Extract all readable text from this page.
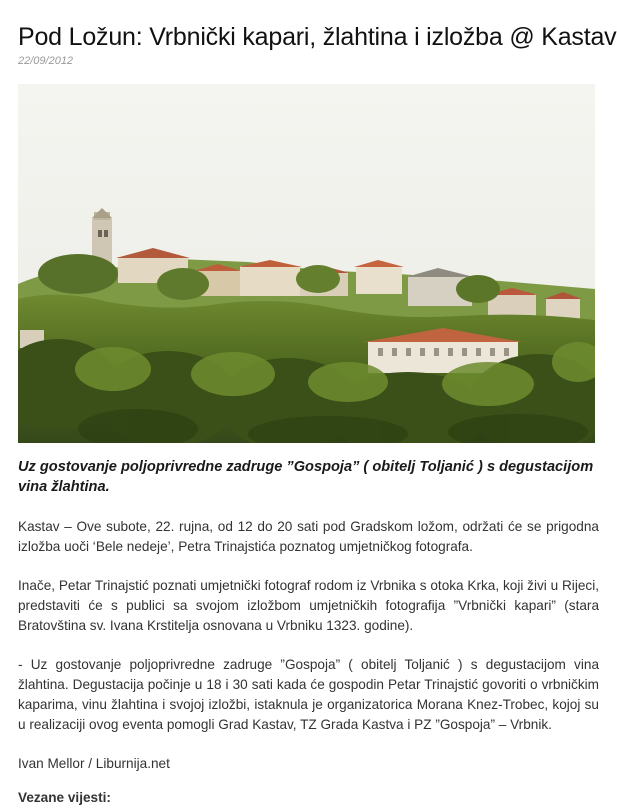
Pod Ložun: Vrbnički kapari, žlahtina i izložba @ Kastav
22/09/2012

Uz gostovanje poljoprivredne zadruge ”Gospoja” ( obitelj Toljanić ) s degustacijom vina žlahtina.

Kastav – Ove subote, 22. rujna, od 12 do 20 sati pod Gradskom ložom, održati će se prigodna izložba uoči ‘Bele nedeje’, Petra Trinajstića poznatog umjetničkog fotografa.

Inače, Petar Trinajstić poznati umjetnički fotograf rodom iz Vrbnika s otoka Krka, koji živi u Rijeci, predstaviti će s publici sa svojom izložbom umjetničkih fotografija ”Vrbnički kapari” (stara Bratovština sv. Ivana Krstitelja osnovana u Vrbniku 1323. godine).

- Uz gostovanje poljoprivredne zadruge ”Gospoja” ( obitelj Toljanić ) s degustacijom vina žlahtina. Degustacija počinje u 18 i 30 sati kada će gospodin Petar Trinajstić govoriti o vrbničkim kaparima, vinu žlahtina i svojoj izložbi, istaknula je organizatorica Morana Knez-Trobec, kojoj su u realizaciji ovog eventa pomogli Grad Kastav, TZ Grada Kastva i PZ ”Gospoja” – Vrbnik.

Ivan Mellor / Liburnija.net

Vezane vijesti:
